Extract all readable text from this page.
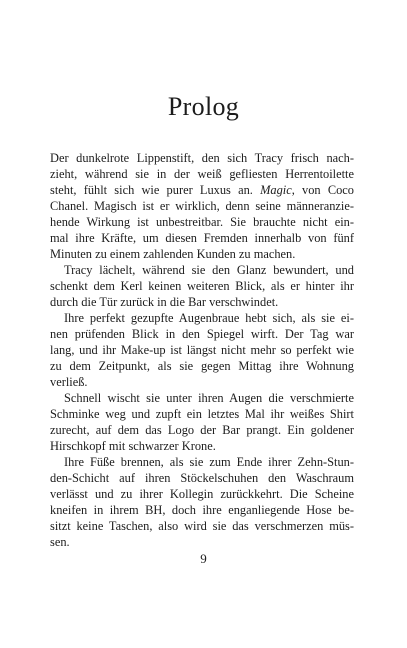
Prolog
Der dunkelrote Lippenstift, den sich Tracy frisch nach-
zieht, während sie in der weiß gefliesten Herrentoilette
steht, fühlt sich wie purer Luxus an. Magic, von Coco
Chanel. Magisch ist er wirklich, denn seine männeranzie-
hende Wirkung ist unbestreitbar. Sie brauchte nicht ein-
mal ihre Kräfte, um diesen Fremden innerhalb von fünf
Minuten zu einem zahlenden Kunden zu machen.
Tracy lächelt, während sie den Glanz bewundert, und
schenkt dem Kerl keinen weiteren Blick, als er hinter ihr
durch die Tür zurück in die Bar verschwindet.
Ihre perfekt gezupfte Augenbraue hebt sich, als sie ei-
nen prüfenden Blick in den Spiegel wirft. Der Tag war
lang, und ihr Make-up ist längst nicht mehr so perfekt wie
zu dem Zeitpunkt, als sie gegen Mittag ihre Wohnung
verließ.
Schnell wischt sie unter ihren Augen die verschmierte
Schminke weg und zupft ein letztes Mal ihr weißes Shirt
zurecht, auf dem das Logo der Bar prangt. Ein goldener
Hirschkopf mit schwarzer Krone.
Ihre Füße brennen, als sie zum Ende ihrer Zehn-Stun-
den-Schicht auf ihren Stöckelschuhen den Waschraum
verlässt und zu ihrer Kollegin zurückkehrt. Die Scheine
kneifen in ihrem BH, doch ihre enganliegende Hose be-
sitzt keine Taschen, also wird sie das verschmerzen müs-
sen.
9
